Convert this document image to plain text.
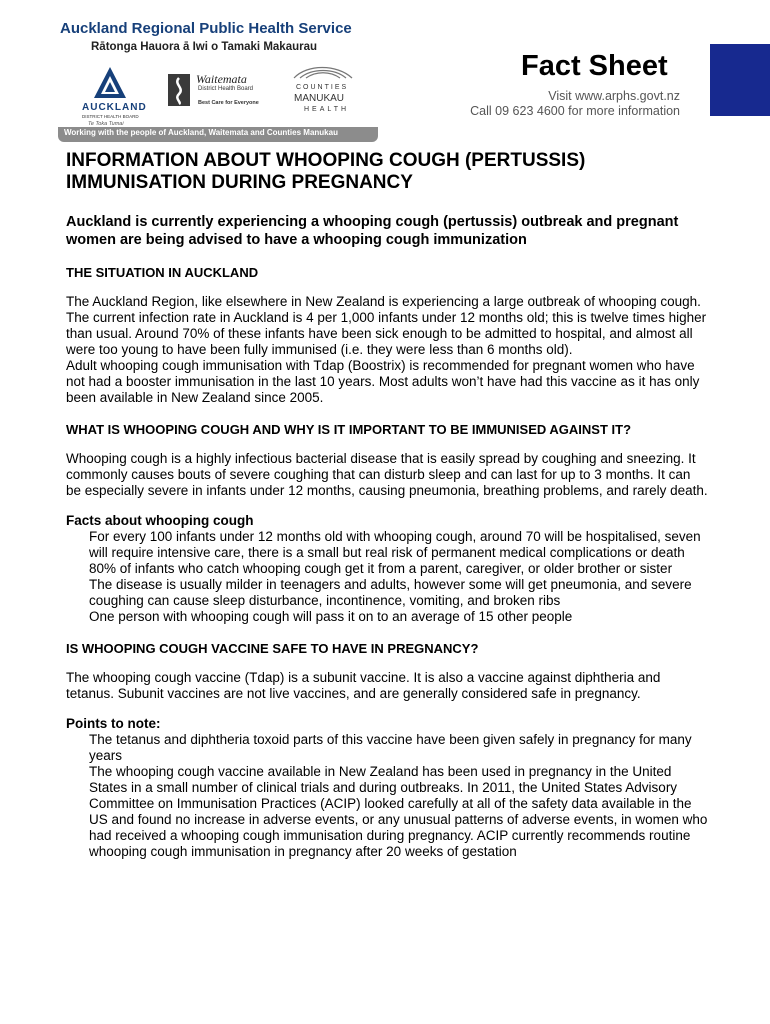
Auckland Regional Public Health Service
Rātonga Hauora ā Iwi o Tamaki Makaurau
AUCKLAND
DISTRICT HEALTH BOARD
Te Toka Tumai
Waitemata
District Health Board
Best Care for Everyone
COUNTIES
MANUKAU
HEALTH
Working with the people of Auckland, Waitemata and Counties Manukau
Fact Sheet
Visit www.arphs.govt.nz
Call 09 623 4600 for more information
INFORMATION ABOUT WHOOPING COUGH (PERTUSSIS)
IMMUNISATION DURING PREGNANCY
Auckland is currently experiencing a whooping cough (pertussis) outbreak and pregnant women are being advised to have a whooping cough immunization
THE SITUATION IN AUCKLAND

The Auckland Region, like elsewhere in New Zealand is experiencing a large outbreak of whooping cough. The current infection rate in Auckland is 4 per 1,000 infants under 12 months old; this is twelve times higher than usual. Around 70% of these infants have been sick enough to be admitted to hospital, and almost all were too young to have been fully immunised (i.e. they were less than 6 months old).

Adult whooping cough immunisation with Tdap (Boostrix) is recommended for pregnant women who have not had a booster immunisation in the last 10 years. Most adults won’t have had this vaccine as it has only been available in New Zealand since 2005.

WHAT IS WHOOPING COUGH AND WHY IS IT IMPORTANT TO BE IMMUNISED AGAINST IT?

Whooping cough is a highly infectious bacterial disease that is easily spread by coughing and sneezing. It commonly causes bouts of severe coughing that can disturb sleep and can last for up to 3 months. It can be especially severe in infants under 12 months, causing pneumonia, breathing problems, and rarely death.

Facts about whooping cough
For every 100 infants under 12 months old with whooping cough, around 70 will be hospitalised, seven will require intensive care, there is a small but real risk of permanent medical complications or death
80% of infants who catch whooping cough get it from a parent, caregiver, or older brother or sister
The disease is usually milder in teenagers and adults, however some will get pneumonia, and severe coughing can cause sleep disturbance, incontinence, vomiting, and broken ribs
One person with whooping cough will pass it on to an average of 15 other people
IS WHOOPING COUGH VACCINE SAFE TO HAVE IN PREGNANCY?

The whooping cough vaccine (Tdap) is a subunit vaccine. It is also a vaccine against diphtheria and tetanus. Subunit vaccines are not live vaccines, and are generally considered safe in pregnancy.

Points to note:
The tetanus and diphtheria toxoid parts of this vaccine have been given safely in pregnancy for many years
The whooping cough vaccine available in New Zealand has been used in pregnancy in the United States in a small number of clinical trials and during outbreaks. In 2011, the United States Advisory Committee on Immunisation Practices (ACIP) looked carefully at all of the safety data available in the US and found no increase in adverse events, or any unusual patterns of adverse events, in women who had received a whooping cough immunisation during pregnancy. ACIP currently recommends routine whooping cough immunisation in pregnancy after 20 weeks of gestation
